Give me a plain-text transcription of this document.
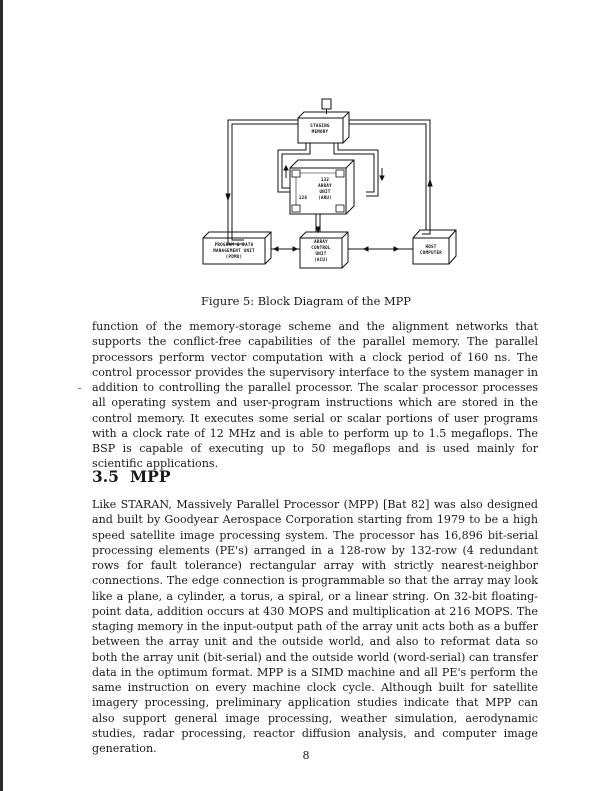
STAGING
MEMORY
132
ARRAY
UNIT
128	(ARU)
PROGRAM & DATA
MANAGEMENT UNIT
(PDMU)
ARRAY
CONTROL
UNIT
(ACU)
HOST
COMPUTER
Figure 5: Block Diagram of the MPP

function of the memory-storage scheme and the alignment networks that supports the conflict-free capabilities of the parallel memory. The parallel processors perform vector computation with a clock period of 160 ns. The control processor provides the supervisory interface to the system manager in addition to controlling the parallel processor. The scalar processor processes all operating system and user-program instructions which are stored in the control memory. It executes some serial or scalar portions of user programs with a clock rate of 12 MHz and is able to perform up to 1.5 megaflops. The BSP is capable of executing up to 50 megaflops and is used mainly for scientific applications.

3.5 MPP

Like STARAN, Massively Parallel Processor (MPP) [Bat 82] was also designed and built by Goodyear Aerospace Corporation starting from 1979 to be a high speed satellite image processing system. The processor has 16,896 bit-serial processing elements (PE's) arranged in a 128-row by 132-row (4 redundant rows for fault tolerance) rectangular array with strictly nearest-neighbor connections. The edge connection is programmable so that the array may look like a plane, a cylinder, a torus, a spiral, or a linear string. On 32-bit floating-point data, addition occurs at 430 MOPS and multiplication at 216 MOPS. The staging memory in the input-output path of the array unit acts both as a buffer between the array unit and the outside world, and also to reformat data so both the array unit (bit-serial) and the outside world (word-serial) can transfer data in the optimum format. MPP is a SIMD machine and all PE's perform the same instruction on every machine clock cycle. Although built for satellite imagery processing, preliminary application studies indicate that MPP can also support general image processing, weather simulation, aerodynamic studies, radar processing, reactor diffusion analysis, and computer image generation.

8
